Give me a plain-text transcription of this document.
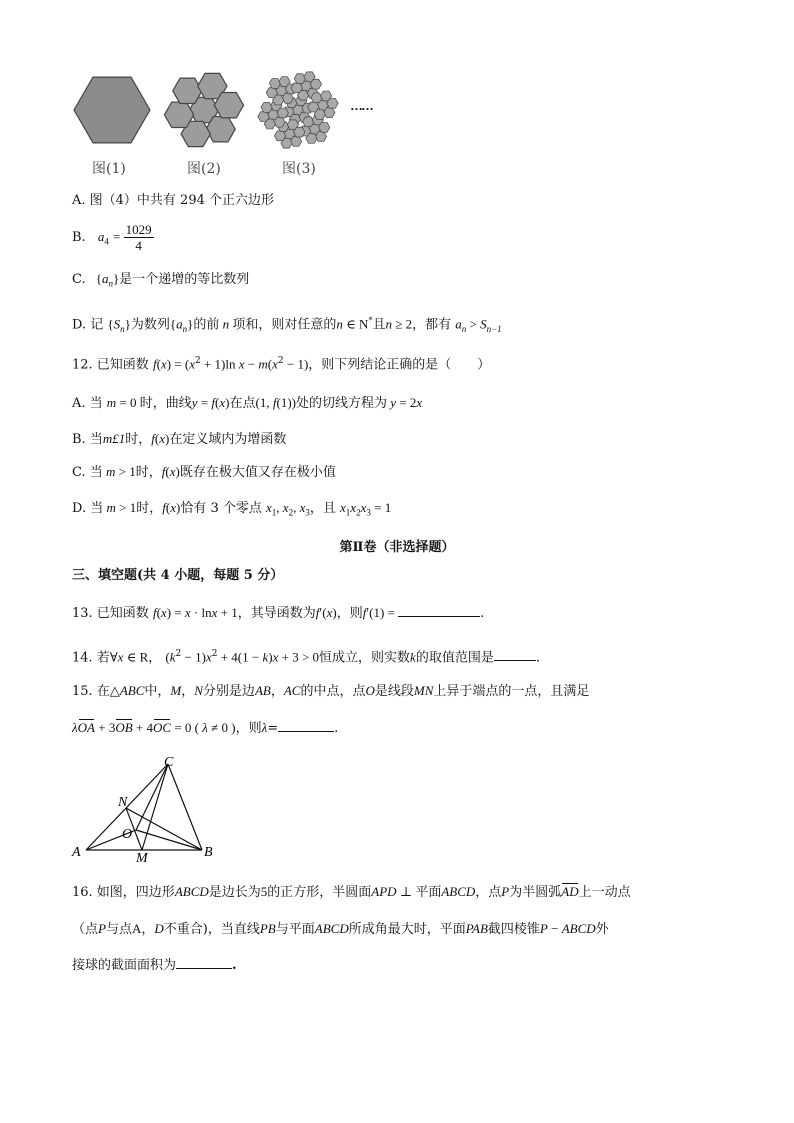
……
图(1)	图(2)	图(3)
A. 图（4）中共有 294 个正六边形
B. $a_4 = \frac{1029}{4}$
C. $\{a_n\}$是一个递增的等比数列
D. 记 $\{S_n\}$为数列$\{a_n\}$的前 n 项和，则对任意的n ∈ N*且n ≥ 2，都有 $a_n > S_{n-1}$
12. 已知函数 $f(x) = (x^2 + 1)\ln$ $x - m(x^2 - 1)$，则下列结论正确的是（　　）
A. 当 m = 0 时，曲线y = f(x)在点(1, f(1))处的切线方程为 y = 2x
B. 当m£1时，f(x)在定义域内为增函数
C. 当 m > 1时，f(x)既存在极大值又存在极小值
D. 当 m > 1时，f(x)恰有 3 个零点 $x_1$, $x_2$, $x_3$，且 $x_1x_2x_3 = 1$
第Ⅱ卷（非选择题）
三、填空题(共 4 小题，每题 5 分）
13. 已知函数 f(x) = x · lnx + 1，其导函数为f′(x)，则f′(1) =	.
14. 若∀x ∈ R， $(k^2 - 1)x^2 + 4(1 - k)x + 3 > 0$恒成立，则实数k的取值范围是	.
15. 在△ABC中，M，N分别是边AB，AC的中点，点O是线段MN上异于端点的一点，且满足
λOA + 3OB + 4OC = 0 ( λ ≠ 0 )，则λ=	.
C
N
O
A	M	B
16. 如图，四边形ABCD是边长为5的正方形，半圆面APD ⊥ 平面ABCD，点P为半圆弧AD上一动点
（点P与点A，D不重合)，当直线PB与平面ABCD所成角最大时，平面PAB截四棱锥P − ABCD外
接球的截面面积为	.
